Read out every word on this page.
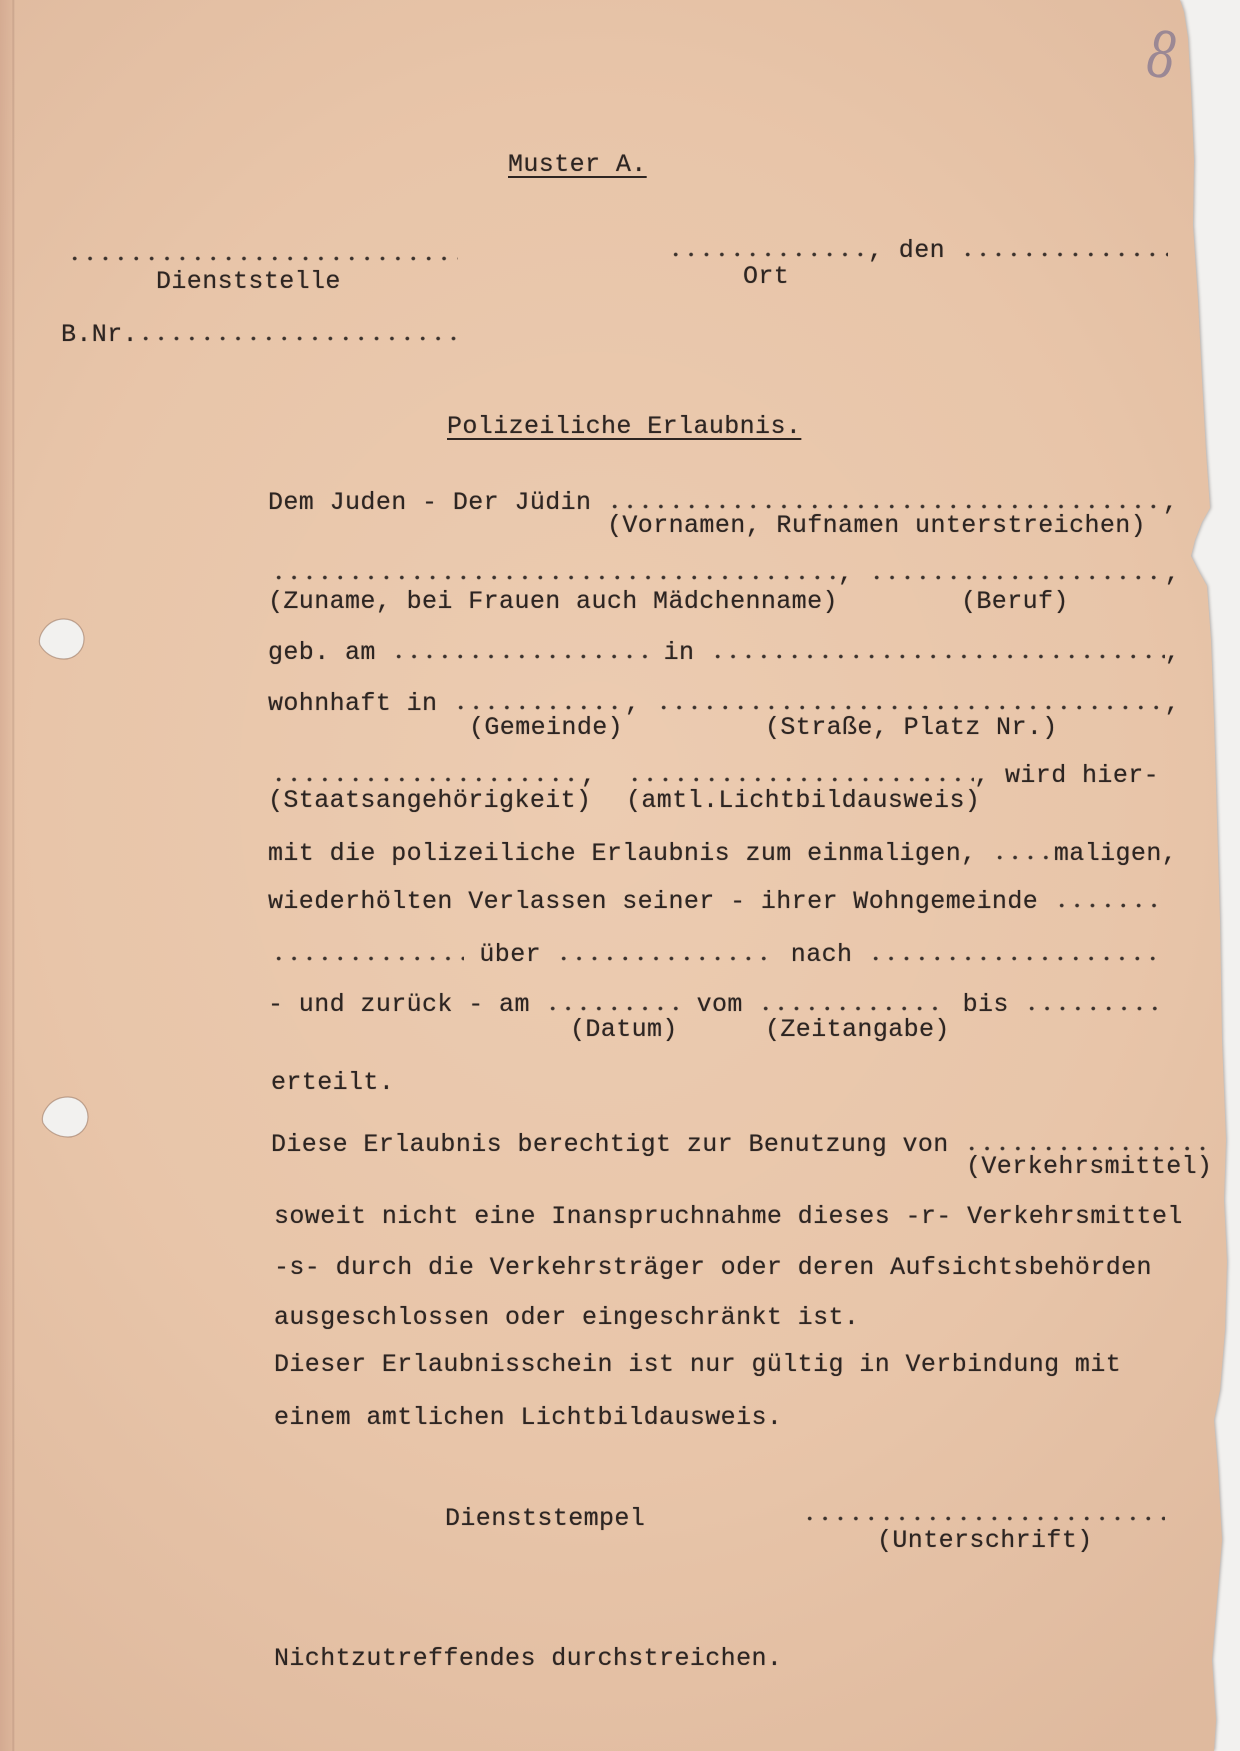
8
Muster A.
, den
Dienststelle	Ort
B.Nr.
Polizeiliche Erlaubnis.
Dem Juden - Der Jüdin	,
(Vornamen, Rufnamen unterstreichen)
,	,
(Zuname, bei Frauen auch Mädchenname)	(Beruf)
geb. am	in	,
wohnhaft in	,	,
(Gemeinde)	(Straße, Platz Nr.)
,	, wird hier-
(Staatsangehörigkeit) (amtl.Lichtbildausweis)
mit die polizeiliche Erlaubnis zum einmaligen,	maligen,
wiederhölten Verlassen seiner - ihrer Wohngemeinde
über	nach
- und zurück - am	vom	bis
(Datum)	(Zeitangabe)
erteilt.
Diese Erlaubnis berechtigt zur Benutzung von
(Verkehrsmittel)
soweit nicht eine Inanspruchnahme dieses -r- Verkehrsmittel
-s- durch die Verkehrsträger oder deren Aufsichtsbehörden
ausgeschlossen oder eingeschränkt ist.
Dieser Erlaubnisschein ist nur gültig in Verbindung mit
einem amtlichen Lichtbildausweis.
Dienststempel
(Unterschrift)
Nichtzutreffendes durchstreichen.
